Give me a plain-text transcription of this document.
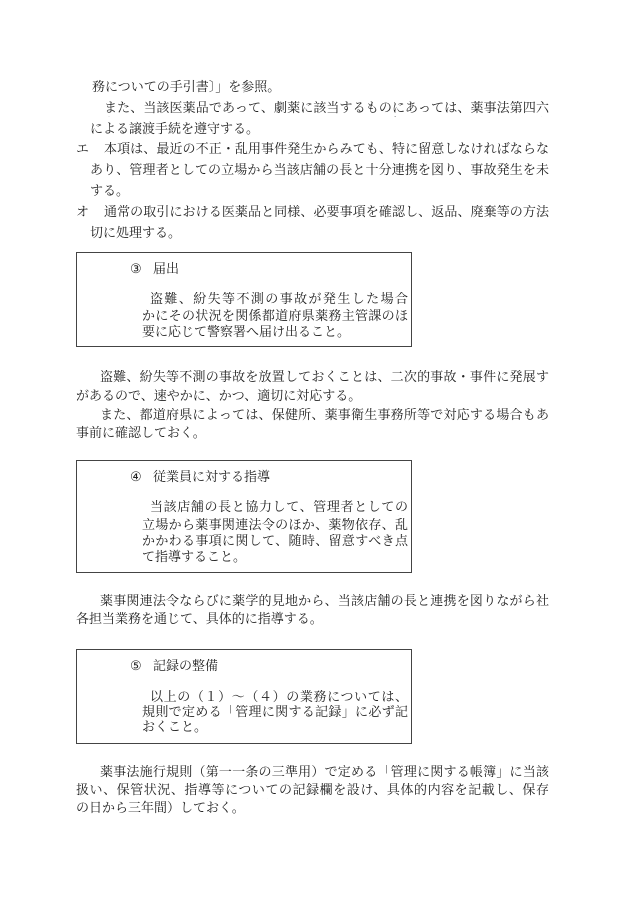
務についての手引書〕」を参照。
また、当該医薬品であって、劇薬に該当するものにあっては、薬事法第四六
による譲渡手続を遵守する。
エ 本項は、最近の不正・乱用事件発生からみても、特に留意しなければならな
あり、管理者としての立場から当該店舗の長と十分連携を図り、事故発生を未
する。
オ 通常の取引における医薬品と同様、必要事項を確認し、返品、廃棄等の方法
切に処理する。
③ 届出
盗難、紛失等不測の事故が発生した場合
かにその状況を関係都道府県薬務主管課のほ
要に応じて警察署へ届け出ること。
盗難、紛失等不測の事故を放置しておくことは、二次的事故・事件に発展す
があるので、速やかに、かつ、適切に対応する。
また、都道府県によっては、保健所、薬事衛生事務所等で対応する場合もあ
事前に確認しておく。
④ 従業員に対する指導
当該店舗の長と協力して、管理者としての
立場から薬事関連法令のほか、薬物依存、乱
かかわる事項に関して、随時、留意すべき点
て指導すること。
薬事関連法令ならびに薬学的見地から、当該店舗の長と連携を図りながら社
各担当業務を通じて、具体的に指導する。
⑤ 記録の整備
以上の（１）～（４）の業務については、
規則で定める「管理に関する記録」に必ず記
おくこと。
薬事法施行規則（第一一条の三準用）で定める「管理に関する帳簿」に当該
扱い、保管状況、指導等についての記録欄を設け、具体的内容を記載し、保存
の日から三年間）しておく。
